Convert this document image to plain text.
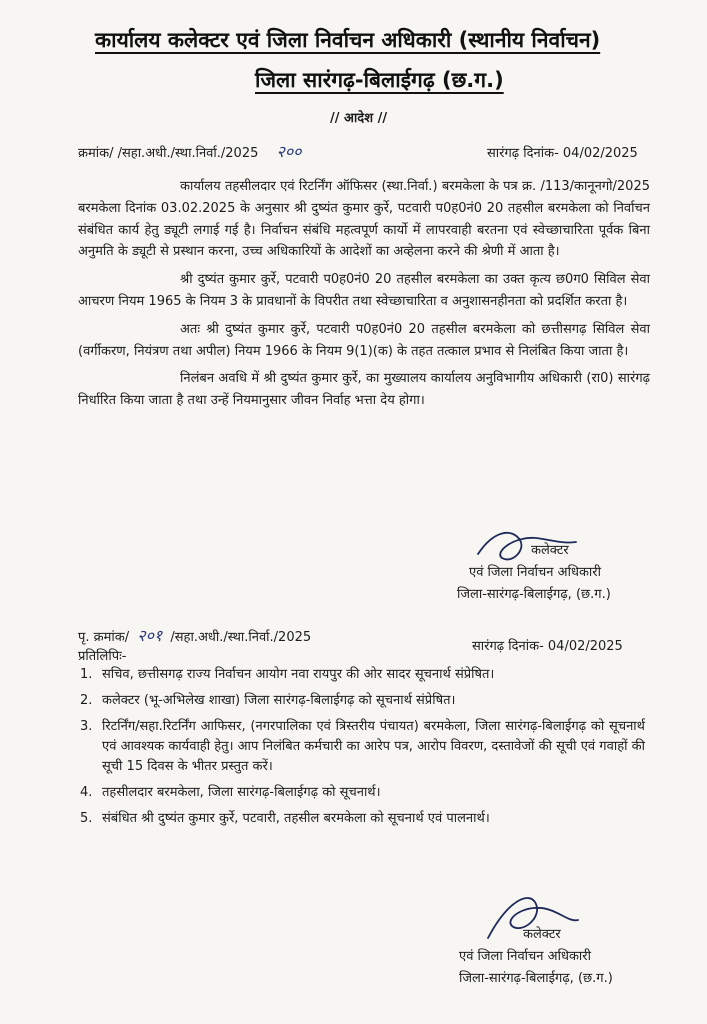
कार्यालय कलेक्टर एवं जिला निर्वाचन अधिकारी (स्थानीय निर्वाचन)
जिला सारंगढ़-बिलाईगढ़ (छ.ग.)
// आदेश //
क्रमांक/ /सहा.अधी./स्था.निर्वा./2025 २००	सारंगढ़ दिनांक- 04/02/2025

कार्यालय तहसीलदार एवं रिटर्निंग ऑफिसर (स्था.निर्वा.) बरमकेला के पत्र क्र. /113/कानूनगो/2025 बरमकेला दिनांक 03.02.2025 के अनुसार श्री दुष्यंत कुमार कुर्रे, पटवारी प0ह0नं0 20 तहसील बरमकेला को निर्वाचन संबंधित कार्य हेतु ड्यूटी लगाई गई है। निर्वाचन संबंधि महत्वपूर्ण कार्यो में लापरवाही बरतना एवं स्वेच्छाचारिता पूर्वक बिना अनुमति के ड्यूटी से प्रस्थान करना, उच्च अधिकारियों के आदेशों का अव्हेलना करने की श्रेणी में आता है।

श्री दुष्यंत कुमार कुर्रे, पटवारी प0ह0नं0 20 तहसील बरमकेला का उक्त कृत्य छ0ग0 सिविल सेवा आचरण नियम 1965 के नियम 3 के प्रावधानों के विपरीत तथा स्वेच्छाचारिता व अनुशासनहीनता को प्रदर्शित करता है।

अतः श्री दुष्यंत कुमार कुर्रे, पटवारी प0ह0नं0 20 तहसील बरमकेला को छत्तीसगढ़ सिविल सेवा (वर्गीकरण, नियंत्रण तथा अपील) नियम 1966 के नियम 9(1)(क) के तहत तत्काल प्रभाव से निलंबित किया जाता है।

निलंबन अवधि में श्री दुष्यंत कुमार कुर्रे, का मुख्यालय कार्यालय अनुविभागीय अधिकारी (रा0) सारंगढ़ निर्धारित किया जाता है तथा उन्हें नियमानुसार जीवन निर्वाह भत्ता देय होगा।

कलेक्टर
एवं जिला निर्वाचन अधिकारी
जिला-सारंगढ़-बिलाईगढ़, (छ.ग.)
पृ. क्रमांक/ २०१ /सहा.अधी./स्था.निर्वा./2025
सारंगढ़ दिनांक- 04/02/2025
प्रतिलिपिः-
1. सचिव, छत्तीसगढ़ राज्य निर्वाचन आयोग नवा रायपुर की ओर सादर सूचनार्थ संप्रेषित।
2. कलेक्टर (भू-अभिलेख शाखा) जिला सारंगढ़-बिलाईगढ़ को सूचनार्थ संप्रेषित।
3. रिटर्निंग/सहा.रिटर्निंग आफिसर, (नगरपालिका एवं त्रिस्तरीय पंचायत) बरमकेला, जिला सारंगढ़-बिलाईगढ़ को सूचनार्थ एवं आवश्यक कार्यवाही हेतु। आप निलंबित कर्मचारी का आरेप पत्र, आरोप विवरण, दस्तावेजों की सूची एवं गवाहों की सूची 15 दिवस के भीतर प्रस्तुत करें।
4. तहसीलदार बरमकेला, जिला सारंगढ़-बिलाईगढ़ को सूचनार्थ।
5. संबंधित श्री दुष्यंत कुमार कुर्रे, पटवारी, तहसील बरमकेला को सूचनार्थ एवं पालनार्थ।
कलेक्टर
एवं जिला निर्वाचन अधिकारी
जिला-सारंगढ़-बिलाईगढ़, (छ.ग.)
